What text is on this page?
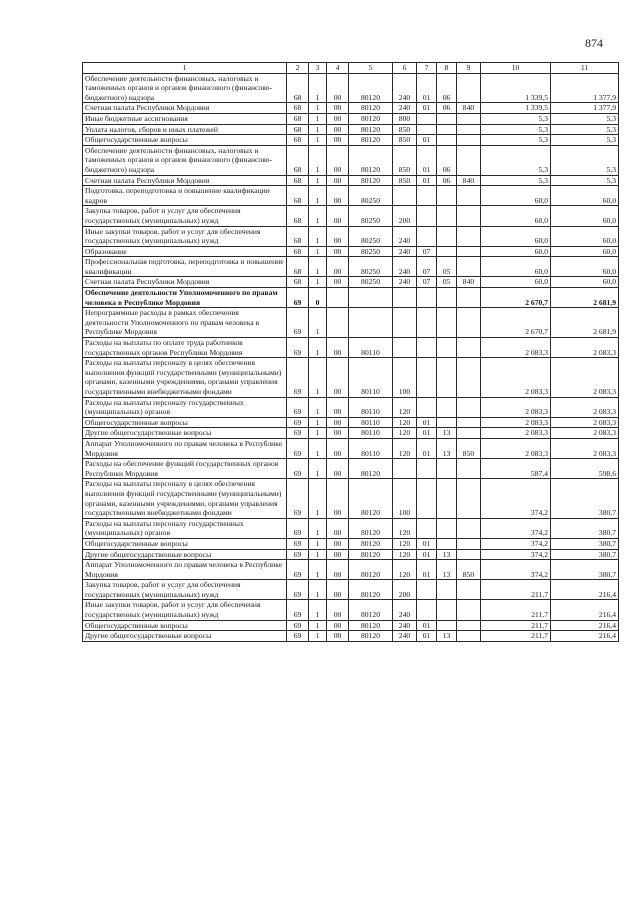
874
1	2	3	4	5	6	7	8	9	10	11
Обеспечение деятельности финансовых, налоговых и таможенных органов и органов финансового (финансово-бюджетного) надзора	68	1	00	80120	240	01	06		1 339,5	1 377,9
Счетная палата Республики Мордовия	68	1	00	80120	240	01	06	840	1 339,5	1 377,9
Иные бюджетные ассигнования	68	1	00	80120	800				5,3	5,3
Уплата налогов, сборов и иных платежей	68	1	00	80120	850				5,3	5,3
Общегосударственные вопросы	68	1	00	80120	850	01			5,3	5,3
Обеспечение деятельности финансовых, налоговых и таможенных органов и органов финансового (финансово-бюджетного) надзора	68	1	00	80120	850	01	06		5,3	5,3
Счетная палата Республики Мордовия	68	1	00	80120	850	01	06	840	5,3	5,3
Подготовка, переподготовка и повышение квалификации кадров	68	1	00	80250					60,0	60,0
Закупка товаров, работ и услуг для обеспечения государственных (муниципальных) нужд	68	1	00	80250	200				60,0	60,0
Иные закупки товаров, работ и услуг для обеспечения государственных (муниципальных) нужд	68	1	00	80250	240				60,0	60,0
Образование	68	1	00	80250	240	07			60,0	60,0
Профессиональная подготовка, переподготовка и повышение квалификации	68	1	00	80250	240	07	05		60,0	60,0
Счетная палата Республики Мордовия	68	1	00	80250	240	07	05	840	60,0	60,0
Обеспечение деятельности Уполномоченного по правам человека в Республике Мордовия	69	0							2 670,7	2 681,9
Непрограммные расходы в рамках обеспечения деятельности Уполномоченного по правам человека в Республике Мордовия	69	1							2 670,7	2 681,9
Расходы на выплаты по оплате труда работников государственных органов Республики Мордовия	69	1	00	80110					2 083,3	2 083,3
Расходы на выплаты персоналу в целях обеспечения выполнения функций государственными (муниципальными) органами, казенными учреждениями, органами управления государственными внебюджетными фондами	69	1	00	80110	100				2 083,3	2 083,3
Расходы на выплаты персоналу государственных (муниципальных) органов	69	1	00	80110	120				2 083,3	2 083,3
Общегосударственные вопросы	69	1	00	80110	120	01			2 083,3	2 083,3
Другие общегосударственные вопросы	69	1	00	80110	120	01	13		2 083,3	2 083,3
Аппарат Уполномоченного по правам человека в Республике Мордовия	69	1	00	80110	120	01	13	850	2 083,3	2 083,3
Расходы на обеспечение функций государственных органов Республики Мордовия	69	1	00	80120					587,4	598,6
Расходы на выплаты персоналу в целях обеспечения выполнения функций государственными (муниципальными) органами, казенными учреждениями, органами управления государственными внебюджетными фондами	69	1	00	80120	100				374,2	380,7
Расходы на выплаты персоналу государственных (муниципальных) органов	69	1	00	80120	120				374,2	380,7
Общегосударственные вопросы	69	1	00	80120	120	01			374,2	380,7
Другие общегосударственные вопросы	69	1	00	80120	120	01	13		374,2	380,7
Аппарат Уполномоченного по правам человека в Республике Мордовия	69	1	00	80120	120	01	13	850	374,2	380,7
Закупка товаров, работ и услуг для обеспечения государственных (муниципальных) нужд	69	1	00	80120	200				211,7	216,4
Иные закупки товаров, работ и услуг для обеспечения государственных (муниципальных) нужд	69	1	00	80120	240				211,7	216,4
Общегосударственные вопросы	69	1	00	80120	240	01			211,7	216,4
Другие общегосударственные вопросы	69	1	00	80120	240	01	13		211,7	216,4
